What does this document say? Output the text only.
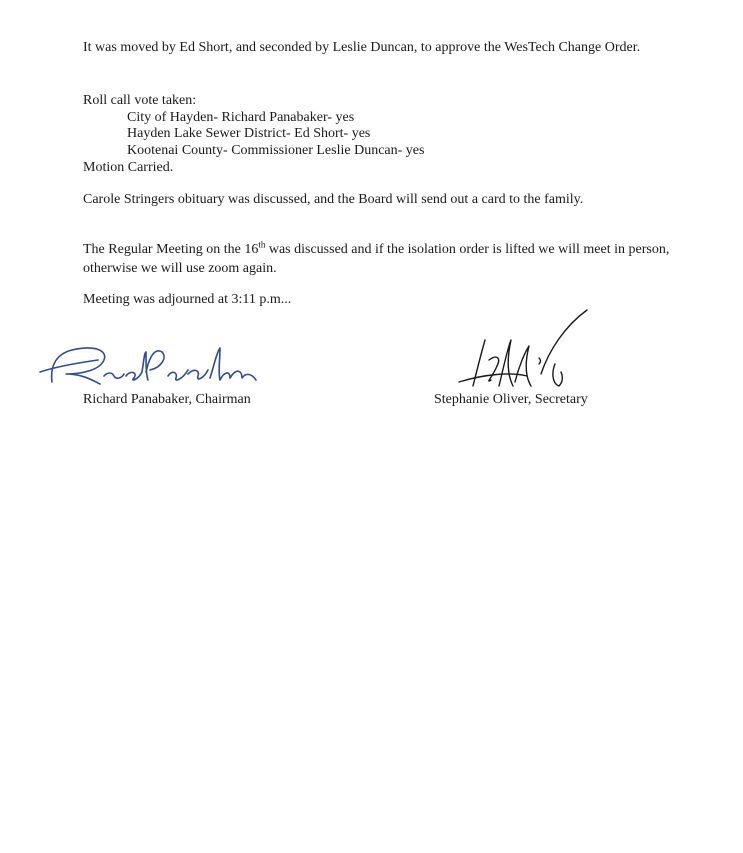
It was moved by Ed Short, and seconded by Leslie Duncan, to approve the WesTech Change Order.

Roll call vote taken:

City of Hayden- Richard Panabaker- yes

Hayden Lake Sewer District- Ed Short- yes

Kootenai County- Commissioner Leslie Duncan- yes

Motion Carried.

Carole Stringers obituary was discussed, and the Board will send out a card to the family.

The Regular Meeting on the 16th was discussed and if the isolation order is lifted we will meet in person, otherwise we will use zoom again.

Meeting was adjourned at 3:11 p.m...

Richard Panabaker, Chairman	Stephanie Oliver, Secretary
